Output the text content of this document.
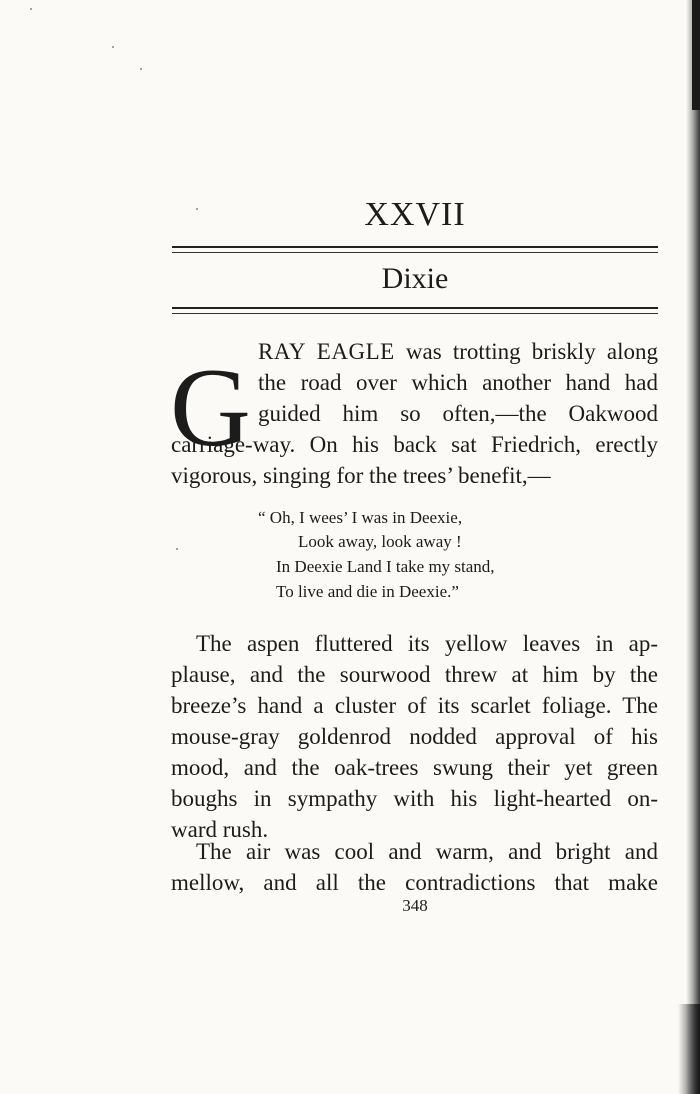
XXVII
Dixie
G RAY EAGLE was trotting briskly along
the road over which another hand had
guided him so often,—the Oakwood
carriage-way. On his back sat Friedrich, erectly
vigorous, singing for the trees’ benefit,—
“ Oh, I wees’ I was in Deexie,
Look away, look away !
In Deexie Land I take my stand,
To live and die in Deexie.”
The aspen fluttered its yellow leaves in ap-
plause, and the sourwood threw at him by the
breeze’s hand a cluster of its scarlet foliage. The
mouse-gray goldenrod nodded approval of his
mood, and the oak-trees swung their yet green
boughs in sympathy with his light-hearted on-
ward rush.
The air was cool and warm, and bright and
mellow, and all the contradictions that make
348
